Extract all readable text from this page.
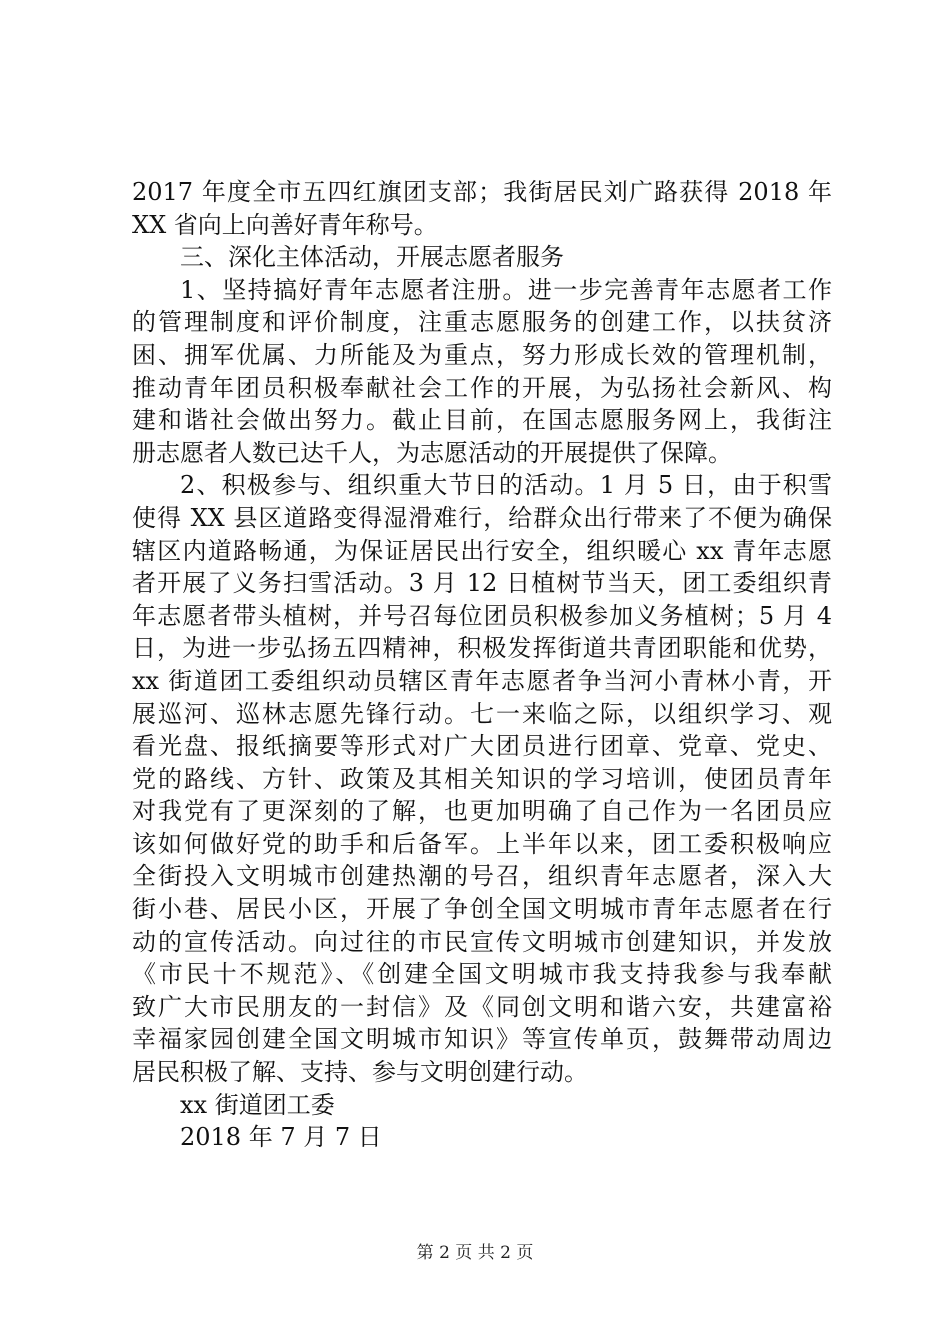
2017 年度全市五四红旗团支部；我街居民刘广路获得 2018 年
XX 省向上向善好青年称号。
三、深化主体活动，开展志愿者服务
1、坚持搞好青年志愿者注册。进一步完善青年志愿者工作
的管理制度和评价制度，注重志愿服务的创建工作，以扶贫济
困、拥军优属、力所能及为重点，努力形成长效的管理机制，
推动青年团员积极奉献社会工作的开展，为弘扬社会新风、构
建和谐社会做出努力。截止目前，在国志愿服务网上，我街注
册志愿者人数已达千人，为志愿活动的开展提供了保障。
2、积极参与、组织重大节日的活动。1 月 5 日，由于积雪
使得 XX 县区道路变得湿滑难行，给群众出行带来了不便为确保
辖区内道路畅通，为保证居民出行安全，组织暖心 xx 青年志愿
者开展了义务扫雪活动。3 月 12 日植树节当天，团工委组织青
年志愿者带头植树，并号召每位团员积极参加义务植树；5 月 4
日，为进一步弘扬五四精神，积极发挥街道共青团职能和优势，
xx 街道团工委组织动员辖区青年志愿者争当河小青林小青，开
展巡河、巡林志愿先锋行动。七一来临之际，以组织学习、观
看光盘、报纸摘要等形式对广大团员进行团章、党章、党史、
党的路线、方针、政策及其相关知识的学习培训，使团员青年
对我党有了更深刻的了解，也更加明确了自己作为一名团员应
该如何做好党的助手和后备军。上半年以来，团工委积极响应
全街投入文明城市创建热潮的号召，组织青年志愿者，深入大
街小巷、居民小区，开展了争创全国文明城市青年志愿者在行
动的宣传活动。向过往的市民宣传文明城市创建知识，并发放
《市民十不规范》、《创建全国文明城市我支持我参与我奉献
致广大市民朋友的一封信》及《同创文明和谐六安，共建富裕
幸福家园创建全国文明城市知识》等宣传单页，鼓舞带动周边
居民积极了解、支持、参与文明创建行动。
xx 街道团工委
2018 年 7 月 7 日
第 2 页 共 2 页
